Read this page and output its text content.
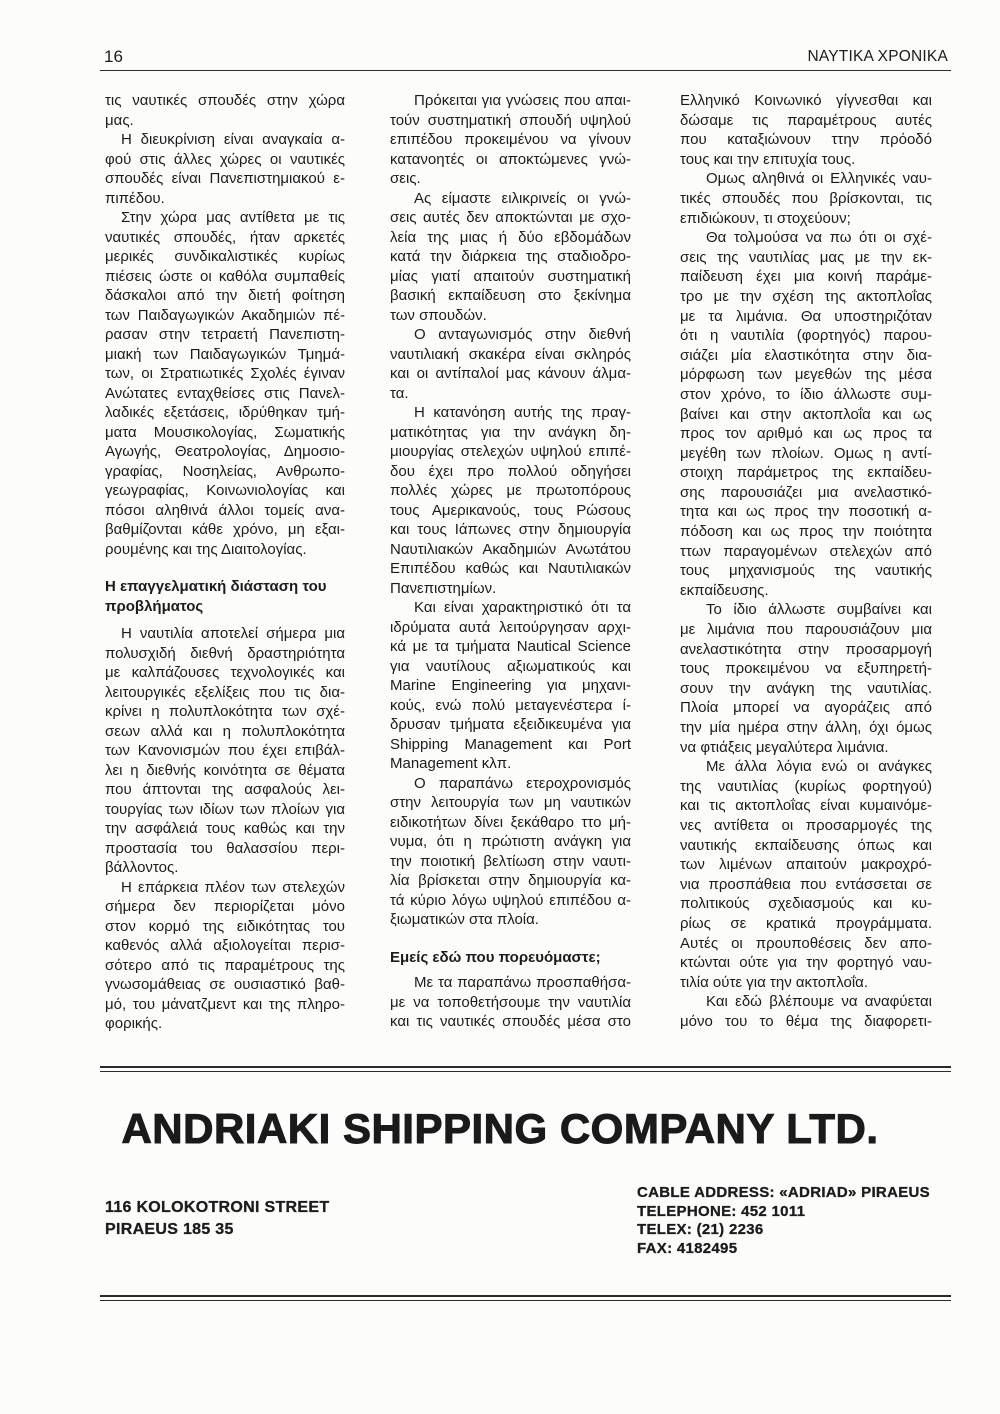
16	ΝΑΥΤΙΚΑ ΧΡΟΝΙΚΑ
τις ναυτικές σπουδές στην χώρα
μας.
Η διευκρίνιση είναι αναγκαία α-
φού στις άλλες χώρες οι ναυτικές
σπουδές είναι Πανεπιστημιακού ε-
πιπέδου.
Στην χώρα μας αντίθετα με τις
ναυτικές σπουδές, ήταν αρκετές
μερικές συνδικαλιστικές κυρίως
πιέσεις ώστε οι καθόλα συμπαθείς
δάσκαλοι από την διετή φοίτηση
των Παιδαγωγικών Ακαδημιών πέ-
ρασαν στην τετραετή Πανεπιστη-
μιακή των Παιδαγωγικών Τμημά-
των, οι Στρατιωτικές Σχολές έγιναν
Ανώτατες ενταχθείσες στις Πανελ-
λαδικές εξετάσεις, ιδρύθηκαν τμή-
ματα Μουσικολογίας, Σωματικής
Αγωγής, Θεατρολογίας, Δημοσιο-
γραφίας, Νοσηλείας, Ανθρωπο-
γεωγραφίας, Κοινωνιολογίας και
πόσοι αληθινά άλλοι τομείς ανα-
βαθμίζονται κάθε χρόνο, μη εξαι-
ρουμένης και της Διαιτολογίας.
Η επαγγελματική διάσταση του
προβλήματος
Η ναυτιλία αποτελεί σήμερα μια
πολυσχιδή διεθνή δραστηριότητα
με καλπάζουσες τεχνολογικές και
λειτουργικές εξελίξεις που τις δια-
κρίνει η πολυπλοκότητα των σχέ-
σεων αλλά και η πολυπλοκότητα
των Κανονισμών που έχει επιβάλ-
λει η διεθνής κοινότητα σε θέματα
που άπτονται της ασφαλούς λει-
τουργίας των ιδίων των πλοίων για
την ασφάλειά τους καθώς και την
προστασία του θαλασσίου περι-
βάλλοντος.
Η επάρκεια πλέον των στελεχών
σήμερα δεν περιορίζεται μόνο
στον κορμό της ειδικότητας του
καθενός αλλά αξιολογείται περισ-
σότερο από τις παραμέτρους της
γνωσομάθειας σε ουσιαστικό βαθ-
μό, του μάνατζμεντ και της πληρο-
φορικής.
Πρόκειται για γνώσεις που απαι-
τούν συστηματική σπουδή υψηλού
επιπέδου προκειμένου να γίνουν
κατανοητές οι αποκτώμενες γνώ-
σεις.
Ας είμαστε ειλικρινείς οι γνώ-
σεις αυτές δεν αποκτώνται με σχο-
λεία της μιας ή δύο εβδομάδων
κατά την διάρκεια της σταδιοδρο-
μίας γιατί απαιτούν συστηματική
βασική εκπαίδευση στο ξεκίνημα
των σπουδών.
Ο ανταγωνισμός στην διεθνή
ναυτιλιακή σκακέρα είναι σκληρός
και οι αντίπαλοί μας κάνουν άλμα-
τα.
Η κατανόηση αυτής της πραγ-
ματικότητας για την ανάγκη δη-
μιουργίας στελεχών υψηλού επιπέ-
δου έχει προ πολλού οδηγήσει
πολλές χώρες με πρωτοπόρους
τους Αμερικανούς, τους Ρώσους
και τους Ιάπωνες στην δημιουργία
Ναυτιλιακών Ακαδημιών Ανωτάτου
Επιπέδου καθώς και Ναυτιλιακών
Πανεπιστημίων.
Και είναι χαρακτηριστικό ότι τα
ιδρύματα αυτά λειτούργησαν αρχι-
κά με τα τμήματα Nautical Science
για ναυτίλους αξιωματικούς και
Marine Engineering για μηχανι-
κούς, ενώ πολύ μεταγενέστερα ί-
δρυσαν τμήματα εξειδικευμένα για
Shipping Management και Port
Management κλπ.
Ο παραπάνω ετεροχρονισμός
στην λειτουργία των μη ναυτικών
ειδικοτήτων δίνει ξεκάθαρο ττο μή-
νυμα, ότι η πρώτιστη ανάγκη για
την ποιοτική βελτίωση στην ναυτι-
λία βρίσκεται στην δημιουργία κα-
τά κύριο λόγω υψηλού επιπέδου α-
ξιωματικών στα πλοία.
Εμείς εδώ που πορευόμαστε;
Με τα παραπάνω προσπαθήσα-
με να τοποθετήσουμε την ναυτιλία
και τις ναυτικές σπουδές μέσα στο
Ελληνικό Κοινωνικό γίγνεσθαι και
δώσαμε τις παραμέτρους αυτές
που καταξιώνουν ττην πρόοδό
τους και την επιτυχία τους.
Ομως αληθινά οι Ελληνικές ναυ-
τικές σπουδές που βρίσκονται, τις
επιδιώκουν, τι στοχεύουν;
Θα τολμούσα να πω ότι οι σχέ-
σεις της ναυτιλίας μας με την εκ-
παίδευση έχει μια κοινή παράμε-
τρο με την σχέση της ακτοπλοΐας
με τα λιμάνια. Θα υποστηριζόταν
ότι η ναυτιλία (φορτηγός) παρου-
σιάζει μία ελαστικότητα στην δια-
μόρφωση των μεγεθών της μέσα
στον χρόνο, το ίδιο άλλωστε συμ-
βαίνει και στην ακτοπλοΐα και ως
προς τον αριθμό και ως προς τα
μεγέθη των πλοίων. Ομως η αντί-
στοιχη παράμετρος της εκπαίδευ-
σης παρουσιάζει μια ανελαστικό-
τητα και ως προς την ποσοτική α-
πόδοση και ως προς την ποιότητα
ττων παραγομένων στελεχών από
τους μηχανισμούς της ναυτικής
εκπαίδευσης.
Το ίδιο άλλωστε συμβαίνει και
με λιμάνια που παρουσιάζουν μια
ανελαστικότητα στην προσαρμογή
τους προκειμένου να εξυπηρετή-
σουν την ανάγκη της ναυτιλίας.
Πλοία μπορεί να αγοράζεις από
την μία ημέρα στην άλλη, όχι όμως
να φτιάξεις μεγαλύτερα λιμάνια.
Με άλλα λόγια ενώ οι ανάγκες
της ναυτιλίας (κυρίως φορτηγού)
και τις ακτοπλοΐας είναι κυμαινόμε-
νες αντίθετα οι προσαρμογές της
ναυτικής εκπαίδευσης όπως και
των λιμένων απαιτούν μακροχρό-
νια προσπάθεια που εντάσσεται σε
πολιτικούς σχεδιασμούς και κυ-
ρίως σε κρατικά προγράμματα.
Αυτές οι προυποθέσεις δεν απο-
κτώνται ούτε για την φορτηγό ναυ-
τιλία ούτε για την ακτοπλοΐα.
Και εδώ βλέπουμε να αναφύεται
μόνο του το θέμα της διαφορετι-
ANDRIAKI SHIPPING COMPANY LTD.
116 KOLOKOTRONI STREET
PIRAEUS 185 35
CABLE ADDRESS: «ADRIAD» PIRAEUS
TELEPHONE: 452 1011
TELEX: (21) 2236
FAX: 4182495
